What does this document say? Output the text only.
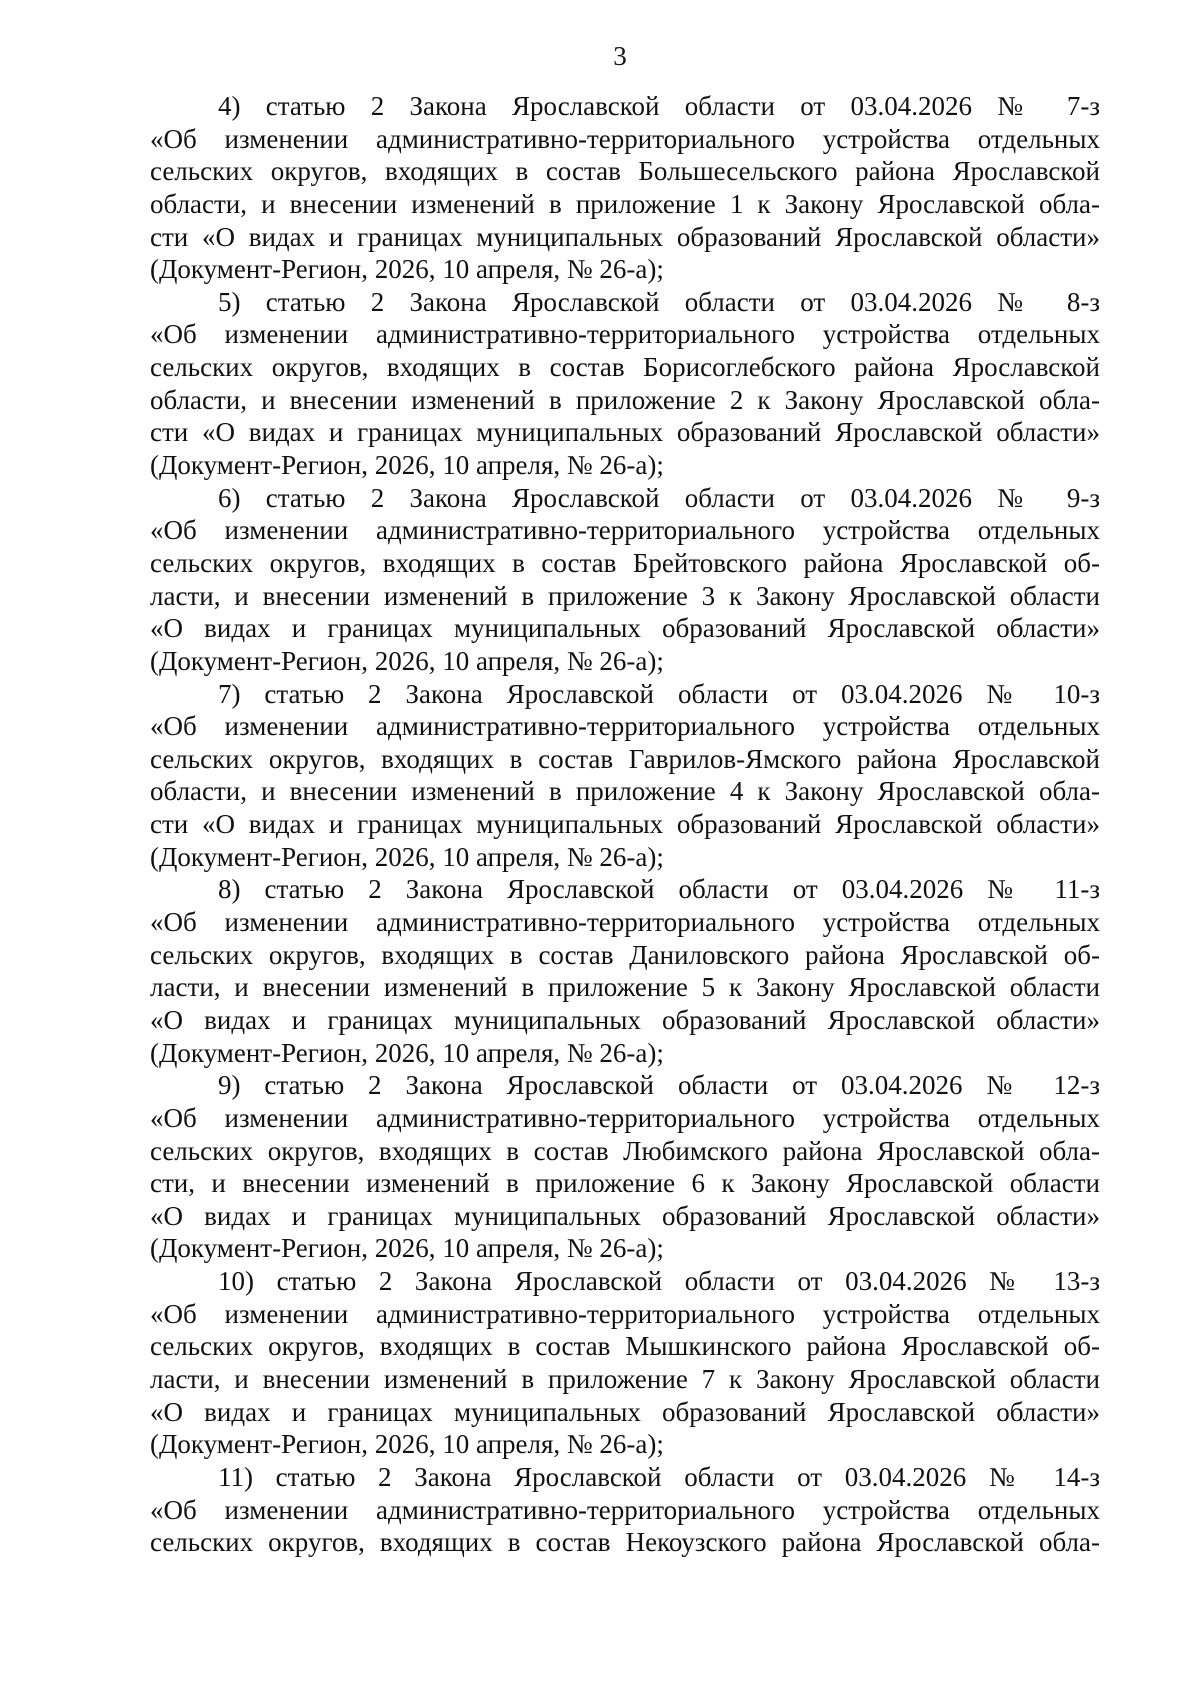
3
4) статью 2 Закона Ярославской области от 03.04.2026 № 7-з
«Об изменении административно-территориального устройства отдельных
сельских округов, входящих в состав Большесельского района Ярославской
области, и внесении изменений в приложение 1 к Закону Ярославской обла-
сти «О видах и границах муниципальных образований Ярославской области»
(Документ-Регион, 2026, 10 апреля, № 26-а);
5) статью 2 Закона Ярославской области от 03.04.2026 № 8-з
«Об изменении административно-территориального устройства отдельных
сельских округов, входящих в состав Борисоглебского района Ярославской
области, и внесении изменений в приложение 2 к Закону Ярославской обла-
сти «О видах и границах муниципальных образований Ярославской области»
(Документ-Регион, 2026, 10 апреля, № 26-а);
6) статью 2 Закона Ярославской области от 03.04.2026 № 9-з
«Об изменении административно-территориального устройства отдельных
сельских округов, входящих в состав Брейтовского района Ярославской об-
ласти, и внесении изменений в приложение 3 к Закону Ярославской области
«О видах и границах муниципальных образований Ярославской области»
(Документ-Регион, 2026, 10 апреля, № 26-а);
7) статью 2 Закона Ярославской области от 03.04.2026 № 10-з
«Об изменении административно-территориального устройства отдельных
сельских округов, входящих в состав Гаврилов-Ямского района Ярославской
области, и внесении изменений в приложение 4 к Закону Ярославской обла-
сти «О видах и границах муниципальных образований Ярославской области»
(Документ-Регион, 2026, 10 апреля, № 26-а);
8) статью 2 Закона Ярославской области от 03.04.2026 № 11-з
«Об изменении административно-территориального устройства отдельных
сельских округов, входящих в состав Даниловского района Ярославской об-
ласти, и внесении изменений в приложение 5 к Закону Ярославской области
«О видах и границах муниципальных образований Ярославской области»
(Документ-Регион, 2026, 10 апреля, № 26-а);
9) статью 2 Закона Ярославской области от 03.04.2026 № 12-з
«Об изменении административно-территориального устройства отдельных
сельских округов, входящих в состав Любимского района Ярославской обла-
сти, и внесении изменений в приложение 6 к Закону Ярославской области
«О видах и границах муниципальных образований Ярославской области»
(Документ-Регион, 2026, 10 апреля, № 26-а);
10) статью 2 Закона Ярославской области от 03.04.2026 № 13-з
«Об изменении административно-территориального устройства отдельных
сельских округов, входящих в состав Мышкинского района Ярославской об-
ласти, и внесении изменений в приложение 7 к Закону Ярославской области
«О видах и границах муниципальных образований Ярославской области»
(Документ-Регион, 2026, 10 апреля, № 26-а);
11) статью 2 Закона Ярославской области от 03.04.2026 № 14-з
«Об изменении административно-территориального устройства отдельных
сельских округов, входящих в состав Некоузского района Ярославской обла-
